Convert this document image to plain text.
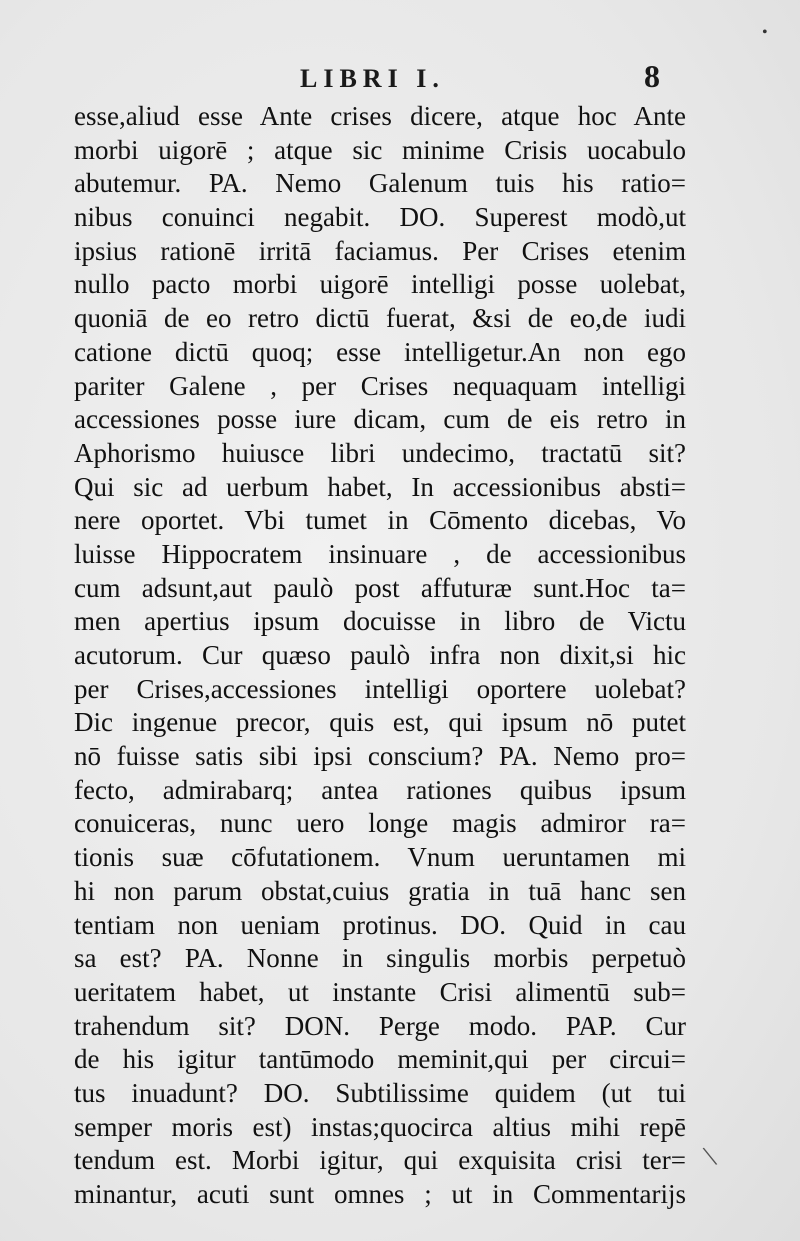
•
LIBRI I.	8
esse,aliud esse Ante crises dicere, atque hoc Ante
morbi uigorē ; atque sic minime Crisis uocabulo
abutemur. PA. Nemo Galenum tuis his ratio=
nibus conuinci negabit. DO. Superest modò,ut
ipsius rationē irritā faciamus. Per Crises etenim
nullo pacto morbi uigorē intelligi posse uolebat,
quoniā de eo retro dictū fuerat, &si de eo,de iudi
catione dictū quoq; esse intelligetur.An non ego
pariter Galene , per Crises nequaquam intelligi
accessiones posse iure dicam, cum de eis retro in
Aphorismo huiusce libri undecimo, tractatū sit?
Qui sic ad uerbum habet, In accessionibus absti=
nere oportet. Vbi tumet in Cōmento dicebas, Vo
luisse Hippocratem insinuare , de accessionibus
cum adsunt,aut paulò post affuturæ sunt.Hoc ta=
men apertius ipsum docuisse in libro de Victu
acutorum. Cur quæso paulò infra non dixit,si hic
per Crises,accessiones intelligi oportere uolebat?
Dic ingenue precor, quis est, qui ipsum nō putet
nō fuisse satis sibi ipsi conscium? PA. Nemo pro=
fecto, admirabarq; antea rationes quibus ipsum
conuiceras, nunc uero longe magis admiror ra=
tionis suæ cōfutationem. Vnum ueruntamen mi
hi non parum obstat,cuius gratia in tuā hanc sen
tentiam non ueniam protinus. DO. Quid in cau
sa est? PA. Nonne in singulis morbis perpetuò
ueritatem habet, ut instante Crisi alimentū sub=
trahendum sit? DON. Perge modo. PAP. Cur
de his igitur tantūmodo meminit,qui per circui=
tus inuadunt? DO. Subtilissime quidem (ut tui
semper moris est) instas;quocirca altius mihi repē
tendum est. Morbi igitur, qui exquisita crisi ter=
minantur, acuti sunt omnes ; ut in Commentarijs
\
